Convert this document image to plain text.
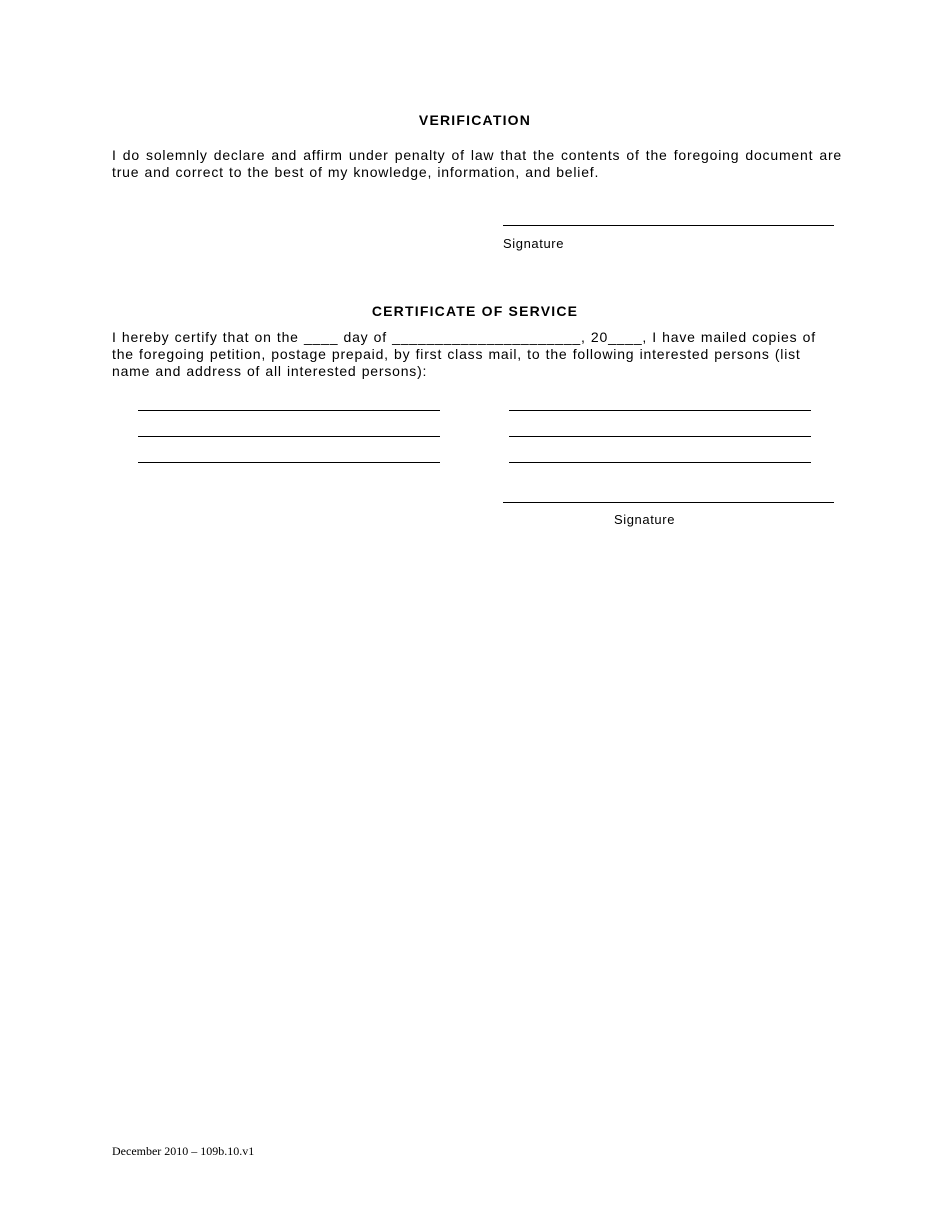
VERIFICATION
I do solemnly declare and affirm under penalty of law that the contents of the foregoing document are true and correct to the best of my knowledge, information, and belief.
Signature
CERTIFICATE OF SERVICE
I hereby certify that on the ____ day of ______________________, 20____, I have mailed copies of the foregoing petition, postage prepaid, by first class mail, to the following interested persons (list name and address of all interested persons):
Signature
December 2010 – 109b.10.v1
